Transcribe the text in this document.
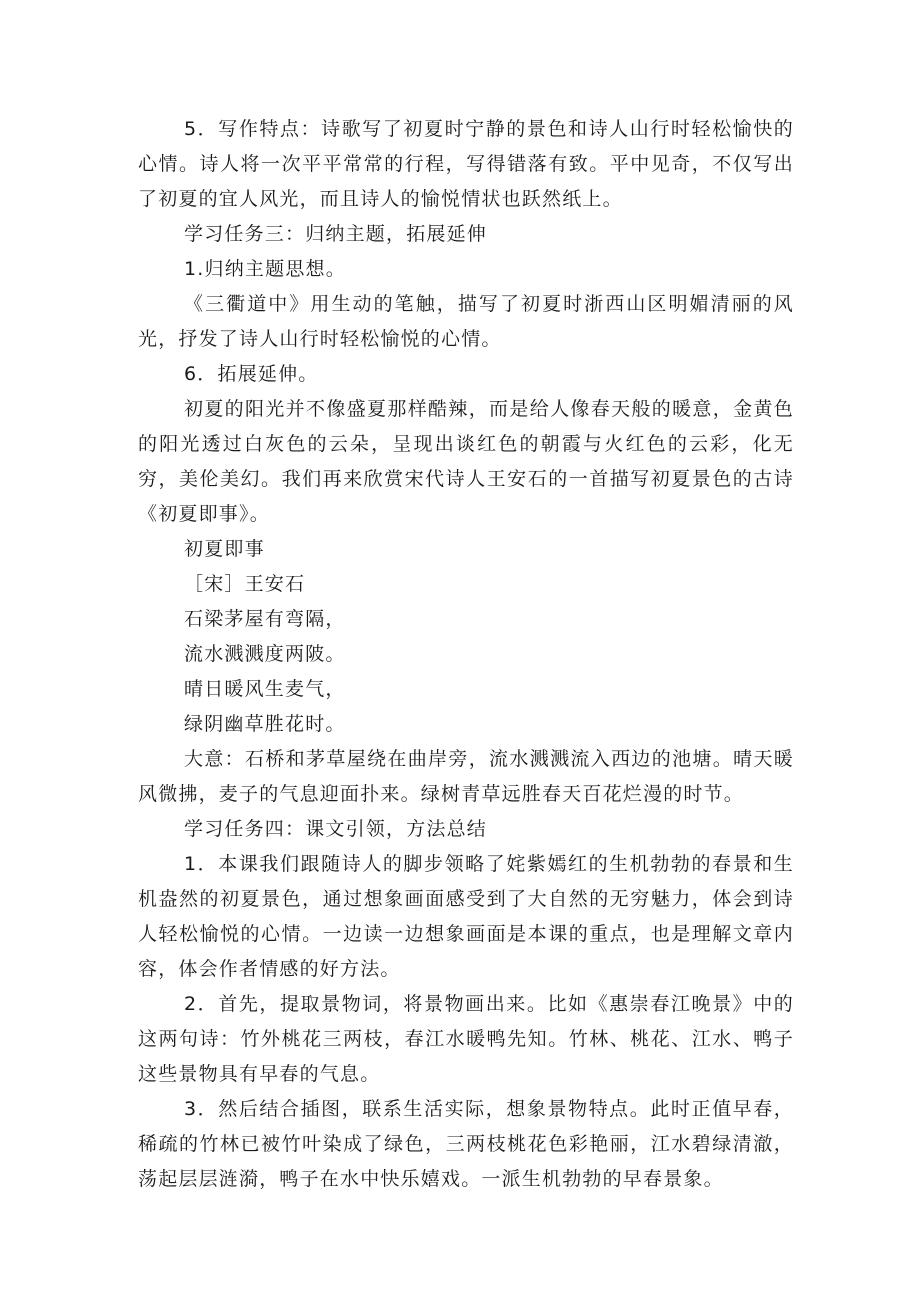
5．写作特点：诗歌写了初夏时宁静的景色和诗人山行时轻松愉快的心情。诗人将一次平平常常的行程，写得错落有致。平中见奇，不仅写出了初夏的宜人风光，而且诗人的愉悦情状也跃然纸上。

学习任务三：归纳主题，拓展延伸

1.归纳主题思想。

《三衢道中》用生动的笔触，描写了初夏时浙西山区明媚清丽的风光，抒发了诗人山行时轻松愉悦的心情。

6．拓展延伸。

初夏的阳光并不像盛夏那样酷辣，而是给人像春天般的暖意，金黄色的阳光透过白灰色的云朵，呈现出谈红色的朝霞与火红色的云彩，化无穷，美伦美幻。我们再来欣赏宋代诗人王安石的一首描写初夏景色的古诗《初夏即事》。

初夏即事

［宋］王安石

石梁茅屋有弯隔，

流水溅溅度两陂。

晴日暖风生麦气，

绿阴幽草胜花时。

大意：石桥和茅草屋绕在曲岸旁，流水溅溅流入西边的池塘。晴天暖风微拂，麦子的气息迎面扑来。绿树青草远胜春天百花烂漫的时节。

学习任务四：课文引领，方法总结

1．本课我们跟随诗人的脚步领略了姹紫嫣红的生机勃勃的春景和生机盎然的初夏景色，通过想象画面感受到了大自然的无穷魅力，体会到诗人轻松愉悦的心情。一边读一边想象画面是本课的重点，也是理解文章内容，体会作者情感的好方法。

2．首先，提取景物词，将景物画出来。比如《惠崇春江晚景》中的这两句诗：竹外桃花三两枝，春江水暖鸭先知。竹林、桃花、江水、鸭子这些景物具有早春的气息。

3．然后结合插图，联系生活实际，想象景物特点。此时正值早春，稀疏的竹林已被竹叶染成了绿色，三两枝桃花色彩艳丽，江水碧绿清澈，荡起层层涟漪，鸭子在水中快乐嬉戏。一派生机勃勃的早春景象。
